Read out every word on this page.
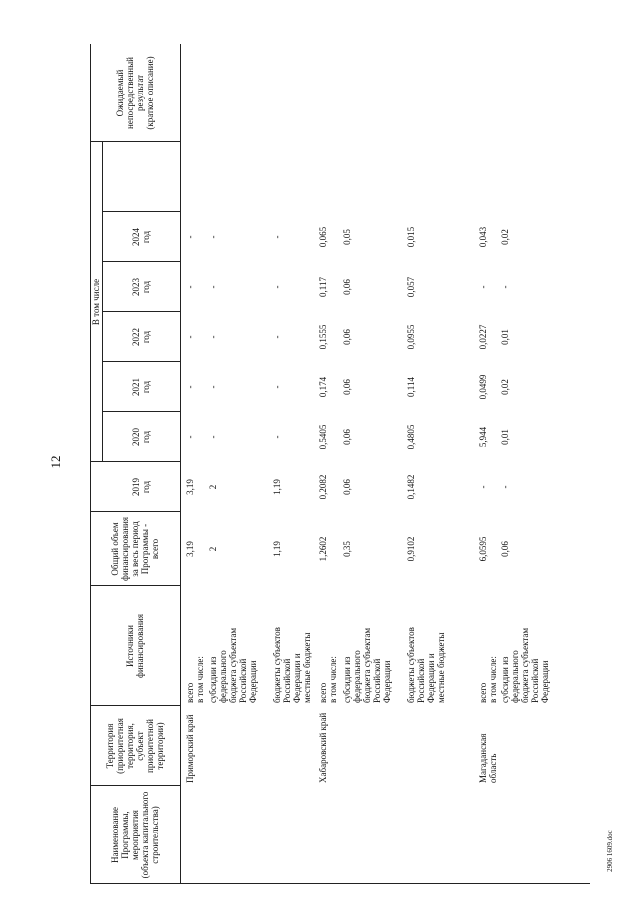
12
2906 1609.doc
Наименование
Программы,
мероприятия
(объекта капитального
строительства)
Территория
(приоритетная
территория,
субъект
приоритетной
территории)
Источники
финансирования
Общий объем
финансирования
за весь период
Программы -
всего
В том числе
2019
год
2020
год
2021
год
2022
год
2023
год
2024
год
Ожидаемый
непосредственный
результат
(краткое описание)
Приморский край
всего
в том числе:
3,19
3,19
-
-
-
-
-
субсидии из
федерального
бюджета субъектам
Российской
Федерации
2
2
-
-
-
-
-
бюджеты субъектов
Российской
Федерации и
местные бюджеты
1,19
1,19
-
-
-
-
-
Хабаровский край
всего
в том числе:
1,2602
0,2082
0,5405
0,174
0,1555
0,117
0,065
субсидии из
федерального
бюджета субъектам
Российской
Федерации
0,35
0,06
0,06
0,06
0,06
0,06
0,05
бюджеты субъектов
Российской
Федерации и
местные бюджеты
0,9102
0,1482
0,4805
0,114
0,0955
0,057
0,015
Магаданская
область
всего
в том числе:
6,0595
-
5,944
0,0499
0,0227
-
0,043
субсидии из
федерального
бюджета субъектам
Российской
Федерации
0,06
-
0,01
0,02
0,01
-
0,02
